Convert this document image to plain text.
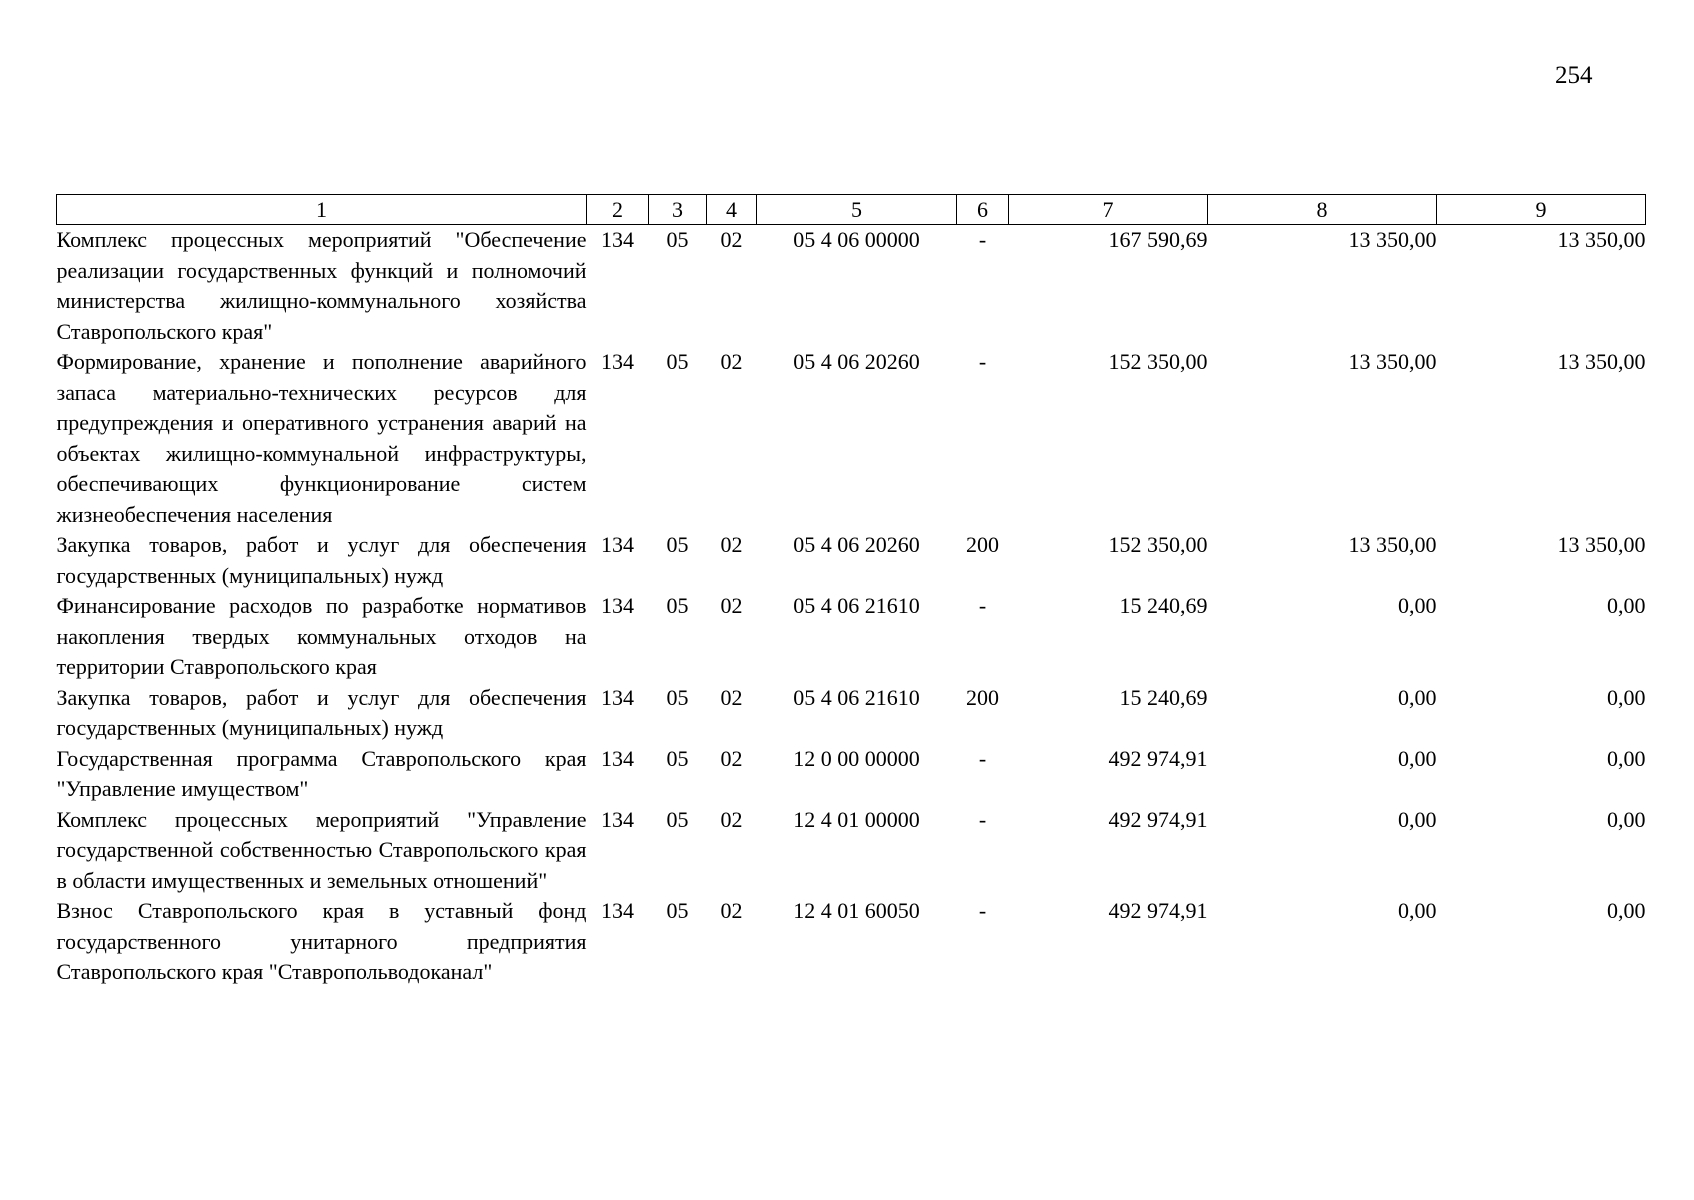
254
1	2	3	4	5	6	7	8	9
Комплекс процессных мероприятий "Обеспечение реализации государственных функций и полномочий министерства жилищно-коммунального хозяйства Ставропольского края"	134	05	02	05 4 06 00000	-	167 590,69	13 350,00	13 350,00
Формирование, хранение и пополнение аварийного запаса материально-технических ресурсов для предупреждения и оперативного устранения аварий на объектах жилищно-коммунальной инфраструктуры, обеспечивающих функционирование систем жизнеобеспечения населения	134	05	02	05 4 06 20260	-	152 350,00	13 350,00	13 350,00
Закупка товаров, работ и услуг для обеспечения государственных (муниципальных) нужд	134	05	02	05 4 06 20260	200	152 350,00	13 350,00	13 350,00
Финансирование расходов по разработке нормативов накопления твердых коммунальных отходов на территории Ставропольского края	134	05	02	05 4 06 21610	-	15 240,69	0,00	0,00
Закупка товаров, работ и услуг для обеспечения государственных (муниципальных) нужд	134	05	02	05 4 06 21610	200	15 240,69	0,00	0,00
Государственная программа Ставропольского края "Управление имуществом"	134	05	02	12 0 00 00000	-	492 974,91	0,00	0,00
Комплекс процессных мероприятий "Управление государственной собственностью Ставропольского края в области имущественных и земельных отношений"	134	05	02	12 4 01 00000	-	492 974,91	0,00	0,00
Взнос Ставропольского края в уставный фонд государственного унитарного предприятия Ставропольского края "Ставропольводоканал"	134	05	02	12 4 01 60050	-	492 974,91	0,00	0,00
